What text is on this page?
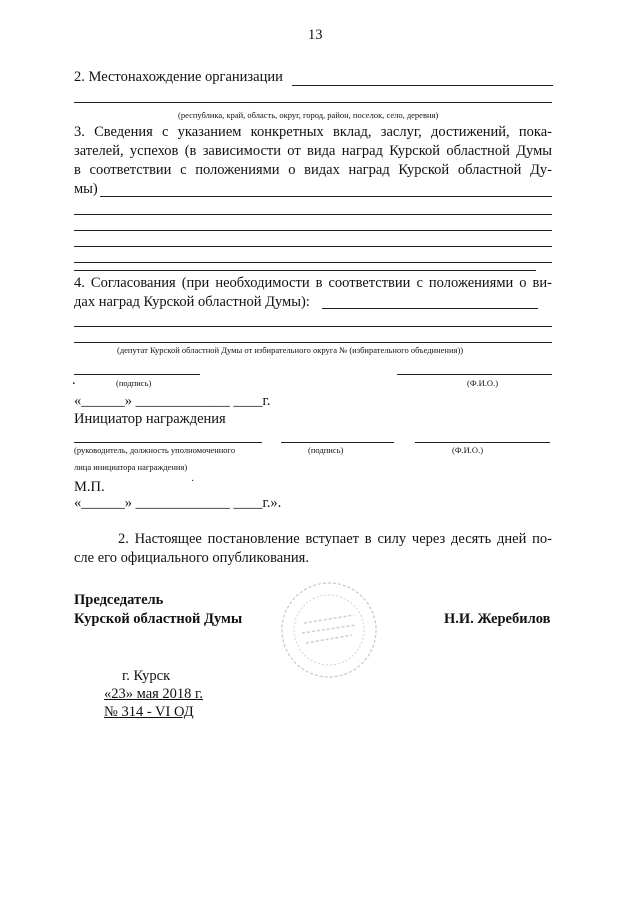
13
2. Местонахождение организации
(республика, край, область, округ, город, район, поселок, село, деревня)
3. Сведения с указанием конкретных вклад, заслуг, достижений, пока-
зателей, успехов (в зависимости от вида наград Курской областной Думы
в соответствии с положениями о видах наград Курской областной Ду-
мы)
4. Согласования (при необходимости в соответствии с положениями о ви-
дах наград Курской областной Думы):
(депутат Курской областной Думы от избирательного округа № (избирательного объединения))
.	(подпись)	(Ф.И.О.)
«______» _____________ ____г.
Инициатор награждения
(руководитель, должность уполномоченного	(подпись)	(Ф.И.О.)
лица инициатора награждения)
М.П.	·
«______» _____________ ____г.».
2. Настоящее постановление вступает в силу через десять дней по-
сле его официального опубликования.
Председатель
Курской областной Думы	Н.И. Жеребилов
г. Курск
«23» мая 2018 г.
№ 314 - VI ОД
